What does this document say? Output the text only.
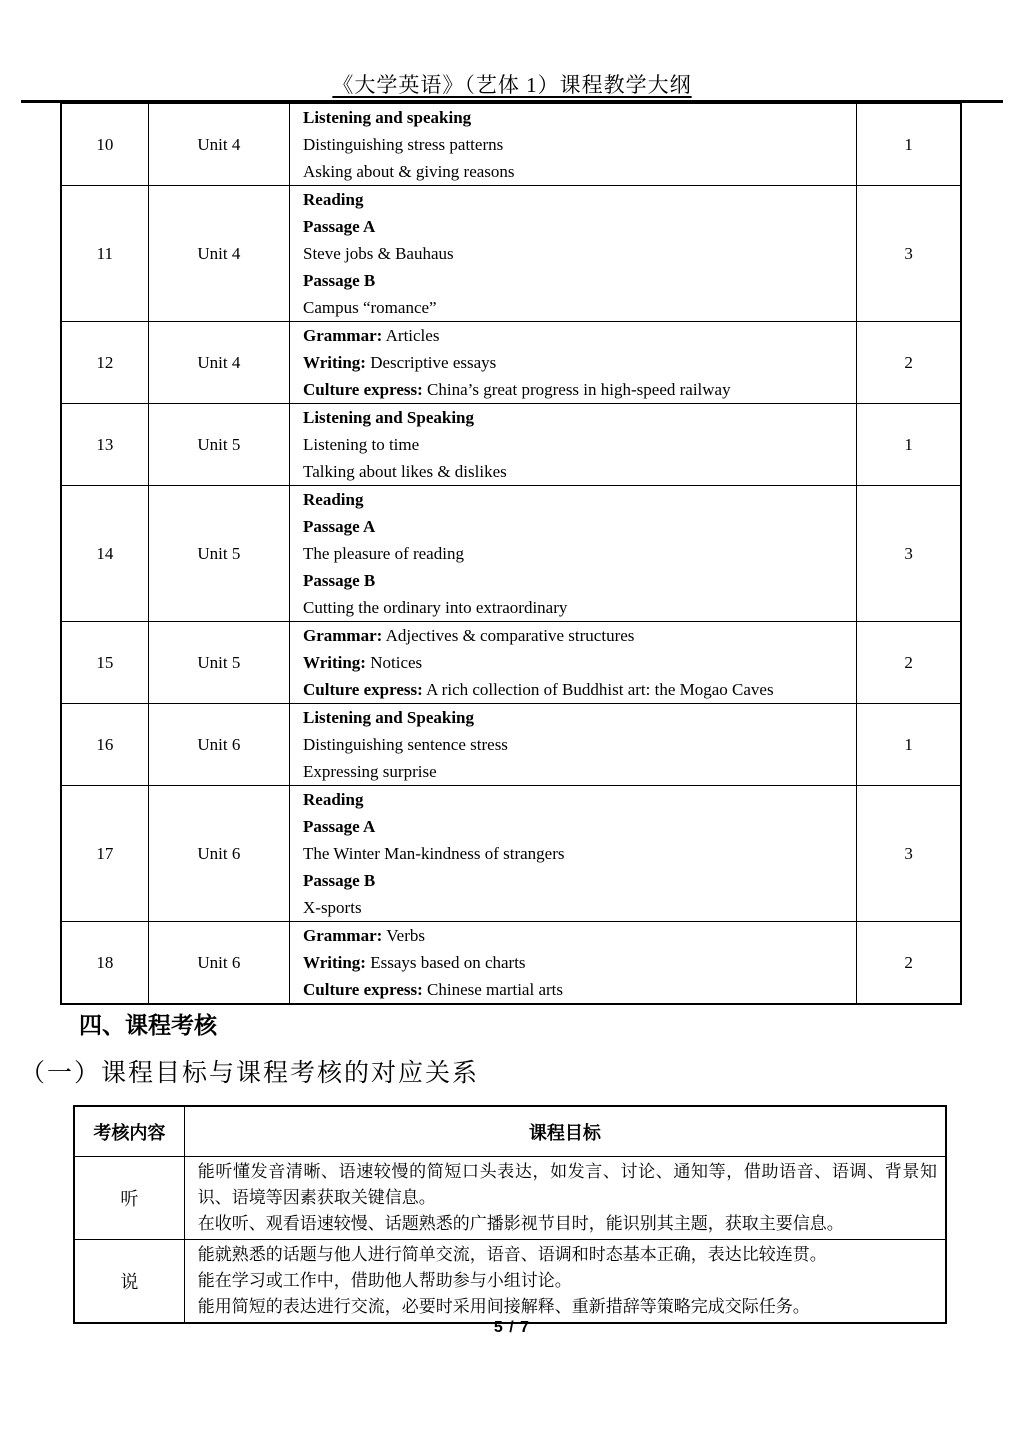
《大学英语》（艺体 1）课程教学大纲
10	Unit 4	Listening and speaking
Distinguishing stress patterns
Asking about & giving reasons	1
11	Unit 4	Reading
Passage A
Steve jobs & Bauhaus
Passage B
Campus “romance”	3
12	Unit 4	Grammar: Articles
Writing: Descriptive essays
Culture express: China’s great progress in high-speed railway	2
13	Unit 5	Listening and Speaking
Listening to time
Talking about likes & dislikes	1
14	Unit 5	Reading
Passage A
The pleasure of reading
Passage B
Cutting the ordinary into extraordinary	3
15	Unit 5	Grammar: Adjectives & comparative structures
Writing: Notices
Culture express: A rich collection of Buddhist art: the Mogao Caves	2
16	Unit 6	Listening and Speaking
Distinguishing sentence stress
Expressing surprise	1
17	Unit 6	Reading
Passage A
The Winter Man-kindness of strangers
Passage B
X-sports	3
18	Unit 6	Grammar: Verbs
Writing: Essays based on charts
Culture express: Chinese martial arts	2
四、课程考核
（一）课程目标与课程考核的对应关系
考核内容	课程目标
听	能听懂发音清晰、语速较慢的简短口头表达，如发言、讨论、通知等，借助语音、语调、背景知识、语境等因素获取关键信息。
在收听、观看语速较慢、话题熟悉的广播影视节目时，能识别其主题，获取主要信息。

说	能就熟悉的话题与他人进行简单交流，语音、语调和时态基本正确，表达比较连贯。
能在学习或工作中，借助他人帮助参与小组讨论。
能用简短的表达进行交流，必要时采用间接解释、重新措辞等策略完成交际任务。
5 / 7
